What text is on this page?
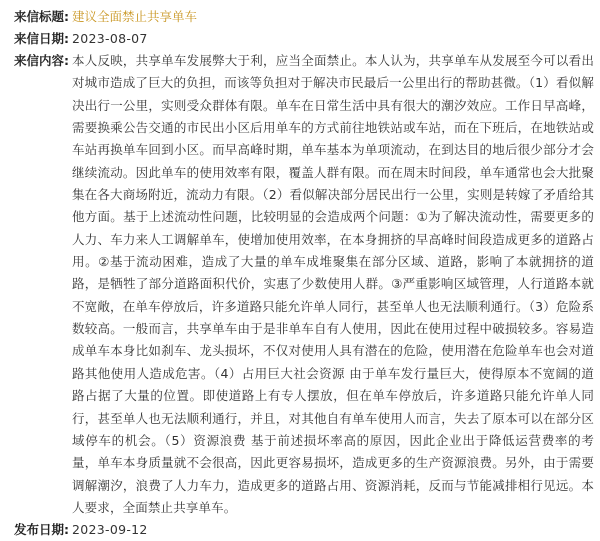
来信标题: 建议全面禁止共享单车
来信日期: 2023-08-07
来信内容: 本人反映，共享单车发展弊大于利，应当全面禁止。本人认为，共享单车从发展至今可以看出对城市造成了巨大的负担，而该等负担对于解决市民最后一公里出行的帮助甚微。（1）看似解决出行一公里，实则受众群体有限。单车在日常生活中具有很大的潮汐效应。工作日早高峰，需要换乘公告交通的市民出小区后用单车的方式前往地铁站或车站，而在下班后，在地铁站或车站再换单车回到小区。而早高峰时期，单车基本为单项流动，在到达目的地后很少部分才会继续流动。因此单车的使用效率有限，覆盖人群有限。而在周末时间段，单车通常也会大批聚集在各大商场附近，流动力有限。（2）看似解决部分居民出行一公里，实则是转嫁了矛盾给其他方面。基于上述流动性问题，比较明显的会造成两个问题：①为了解决流动性，需要更多的人力、车力来人工调解单车，使增加使用效率，在本身拥挤的早高峰时间段造成更多的道路占用。②基于流动困难，造成了大量的单车成堆聚集在部分区域、道路，影响了本就拥挤的道路，是牺牲了部分道路面积代价，实惠了少数使用人群。③严重影响区域管理，人行道路本就不宽敞，在单车停放后，许多道路只能允许单人同行，甚至单人也无法顺利通行。（3）危险系数较高。一般而言，共享单车由于是非单车自有人使用，因此在使用过程中破损较多。容易造成单车本身比如刹车、龙头损坏，不仅对使用人具有潜在的危险，使用潜在危险单车也会对道路其他使用人造成危害。（4）占用巨大社会资源 由于单车发行量巨大，使得原本不宽阔的道路占据了大量的位置。即使道路上有专人摆放，但在单车停放后，许多道路只能允许单人同行，甚至单人也无法顺利通行，并且，对其他自有单车使用人而言，失去了原本可以在部分区域停车的机会。（5）资源浪费 基于前述损坏率高的原因，因此企业出于降低运营费率的考量，单车本身质量就不会很高，因此更容易损坏，造成更多的生产资源浪费。另外，由于需要调解潮汐，浪费了人力车力，造成更多的道路占用、资源消耗，反而与节能减排相行见远。本人要求，全面禁止共享单车。
发布日期: 2023-09-12
